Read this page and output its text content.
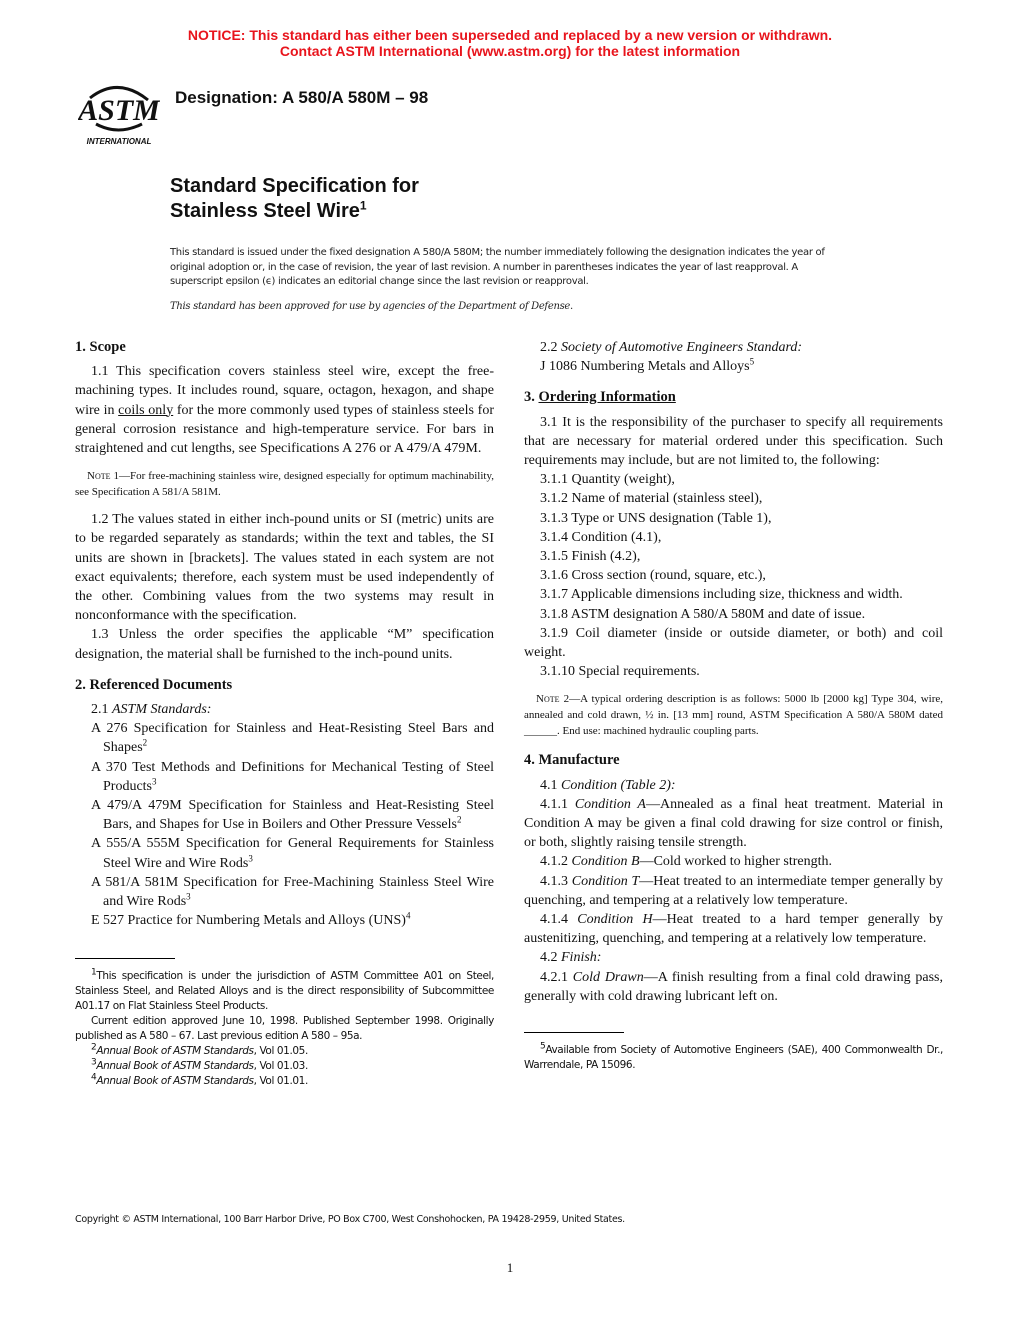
NOTICE: This standard has either been superseded and replaced by a new version or withdrawn.
Contact ASTM International (www.astm.org) for the latest information
ASTM
INTERNATIONAL
Designation: A 580/A 580M – 98
Standard Specification for
Stainless Steel Wire$^1$
This standard is issued under the fixed designation A 580/A 580M; the number immediately following the designation indicates the year of original adoption or, in the case of revision, the year of last revision. A number in parentheses indicates the year of last reapproval. A superscript epsilon (ϵ) indicates an editorial change since the last revision or reapproval.
This standard has been approved for use by agencies of the Department of Defense.
1. Scope

1.1 This specification covers stainless steel wire, except the free-machining types. It includes round, square, octagon, hexagon, and shape wire in coils only for the more commonly used types of stainless steels for general corrosion resistance and high-temperature service. For bars in straightened and cut lengths, see Specifications A 276 or A 479/A 479M.

Note 1—For free-machining stainless wire, designed especially for optimum machinability, see Specification A 581/A 581M.

1.2 The values stated in either inch-pound units or SI (metric) units are to be regarded separately as standards; within the text and tables, the SI units are shown in [brackets]. The values stated in each system are not exact equivalents; therefore, each system must be used independently of the other. Combining values from the two systems may result in nonconformance with the specification.

1.3 Unless the order specifies the applicable “M” specification designation, the material shall be furnished to the inch-pound units.

2. Referenced Documents

2.1 ASTM Standards:

A 276 Specification for Stainless and Heat-Resisting Steel Bars and Shapes$^2$

A 370 Test Methods and Definitions for Mechanical Testing of Steel Products$^3$

A 479/A 479M Specification for Stainless and Heat-Resisting Steel Bars, and Shapes for Use in Boilers and Other Pressure Vessels$^2$

A 555/A 555M Specification for General Requirements for Stainless Steel Wire and Wire Rods$^3$

A 581/A 581M Specification for Free-Machining Stainless Steel Wire and Wire Rods$^3$

E 527 Practice for Numbering Metals and Alloys (UNS)$^4$

$^1$This specification is under the jurisdiction of ASTM Committee A01 on Steel, Stainless Steel, and Related Alloys and is the direct responsibility of Subcommittee A01.17 on Flat Stainless Steel Products.

Current edition approved June 10, 1998. Published September 1998. Originally published as A 580 – 67. Last previous edition A 580 – 95a.

$^2$Annual Book of ASTM Standards, Vol 01.05.

$^3$Annual Book of ASTM Standards, Vol 01.03.

$^4$Annual Book of ASTM Standards, Vol 01.01.

2.2 Society of Automotive Engineers Standard:

J 1086 Numbering Metals and Alloys$^5$

3. Ordering Information

3.1 It is the responsibility of the purchaser to specify all requirements that are necessary for material ordered under this specification. Such requirements may include, but are not limited to, the following:

3.1.1 Quantity (weight),

3.1.2 Name of material (stainless steel),

3.1.3 Type or UNS designation (Table 1),

3.1.4 Condition (4.1),

3.1.5 Finish (4.2),

3.1.6 Cross section (round, square, etc.),

3.1.7 Applicable dimensions including size, thickness and width.

3.1.8 ASTM designation A 580/A 580M and date of issue.

3.1.9 Coil diameter (inside or outside diameter, or both) and coil weight.

3.1.10 Special requirements.

Note 2—A typical ordering description is as follows: 5000 lb [2000 kg] Type 304, wire, annealed and cold drawn, ½ in. [13 mm] round, ASTM Specification A 580/A 580M dated ______. End use: machined hydraulic coupling parts.
4. Manufacture

4.1 Condition (Table 2):

4.1.1 Condition A—Annealed as a final heat treatment. Material in Condition A may be given a final cold drawing for size control or finish, or both, slightly raising tensile strength.

4.1.2 Condition B—Cold worked to higher strength.

4.1.3 Condition T—Heat treated to an intermediate temper generally by quenching, and tempering at a relatively low temperature.

4.1.4 Condition H—Heat treated to a hard temper generally by austenitizing, quenching, and tempering at a relatively low temperature.

4.2 Finish:

4.2.1 Cold Drawn—A finish resulting from a final cold drawing pass, generally with cold drawing lubricant left on.

$^5$Available from Society of Automotive Engineers (SAE), 400 Commonwealth Dr., Warrendale, PA 15096.

Copyright © ASTM International, 100 Barr Harbor Drive, PO Box C700, West Conshohocken, PA 19428-2959, United States.
1
